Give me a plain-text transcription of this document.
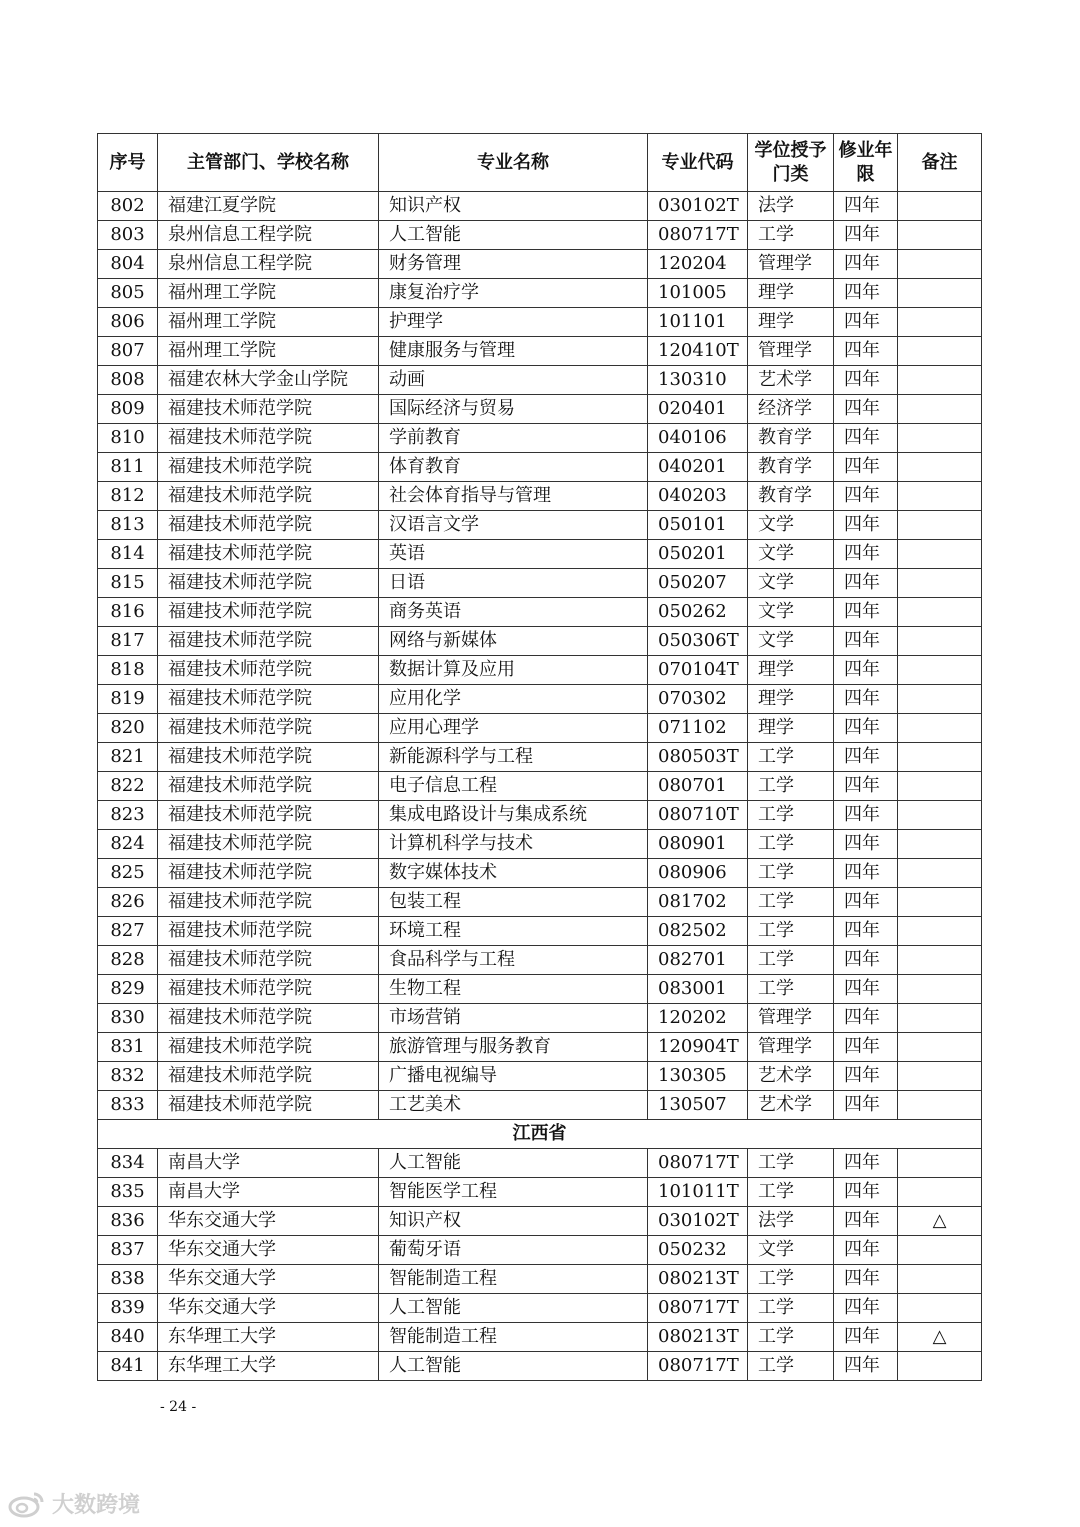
序号	主管部门、学校名称	专业名称	专业代码	学位授予门类	修业年限	备注
802	福建江夏学院	知识产权	030102T	法学	四年	
803	泉州信息工程学院	人工智能	080717T	工学	四年	
804	泉州信息工程学院	财务管理	120204	管理学	四年	
805	福州理工学院	康复治疗学	101005	理学	四年	
806	福州理工学院	护理学	101101	理学	四年	
807	福州理工学院	健康服务与管理	120410T	管理学	四年	
808	福建农林大学金山学院	动画	130310	艺术学	四年	
809	福建技术师范学院	国际经济与贸易	020401	经济学	四年	
810	福建技术师范学院	学前教育	040106	教育学	四年	
811	福建技术师范学院	体育教育	040201	教育学	四年	
812	福建技术师范学院	社会体育指导与管理	040203	教育学	四年	
813	福建技术师范学院	汉语言文学	050101	文学	四年	
814	福建技术师范学院	英语	050201	文学	四年	
815	福建技术师范学院	日语	050207	文学	四年	
816	福建技术师范学院	商务英语	050262	文学	四年	
817	福建技术师范学院	网络与新媒体	050306T	文学	四年	
818	福建技术师范学院	数据计算及应用	070104T	理学	四年	
819	福建技术师范学院	应用化学	070302	理学	四年	
820	福建技术师范学院	应用心理学	071102	理学	四年	
821	福建技术师范学院	新能源科学与工程	080503T	工学	四年	
822	福建技术师范学院	电子信息工程	080701	工学	四年	
823	福建技术师范学院	集成电路设计与集成系统	080710T	工学	四年	
824	福建技术师范学院	计算机科学与技术	080901	工学	四年	
825	福建技术师范学院	数字媒体技术	080906	工学	四年	
826	福建技术师范学院	包装工程	081702	工学	四年	
827	福建技术师范学院	环境工程	082502	工学	四年	
828	福建技术师范学院	食品科学与工程	082701	工学	四年	
829	福建技术师范学院	生物工程	083001	工学	四年	
830	福建技术师范学院	市场营销	120202	管理学	四年	
831	福建技术师范学院	旅游管理与服务教育	120904T	管理学	四年	
832	福建技术师范学院	广播电视编导	130305	艺术学	四年	
833	福建技术师范学院	工艺美术	130507	艺术学	四年	
江西省						
834	南昌大学	人工智能	080717T	工学	四年	
835	南昌大学	智能医学工程	101011T	工学	四年	
836	华东交通大学	知识产权	030102T	法学	四年	△
837	华东交通大学	葡萄牙语	050232	文学	四年	
838	华东交通大学	智能制造工程	080213T	工学	四年	
839	华东交通大学	人工智能	080717T	工学	四年	
840	东华理工大学	智能制造工程	080213T	工学	四年	△
841	东华理工大学	人工智能	080717T	工学	四年	
- 24 -
大数跨境
